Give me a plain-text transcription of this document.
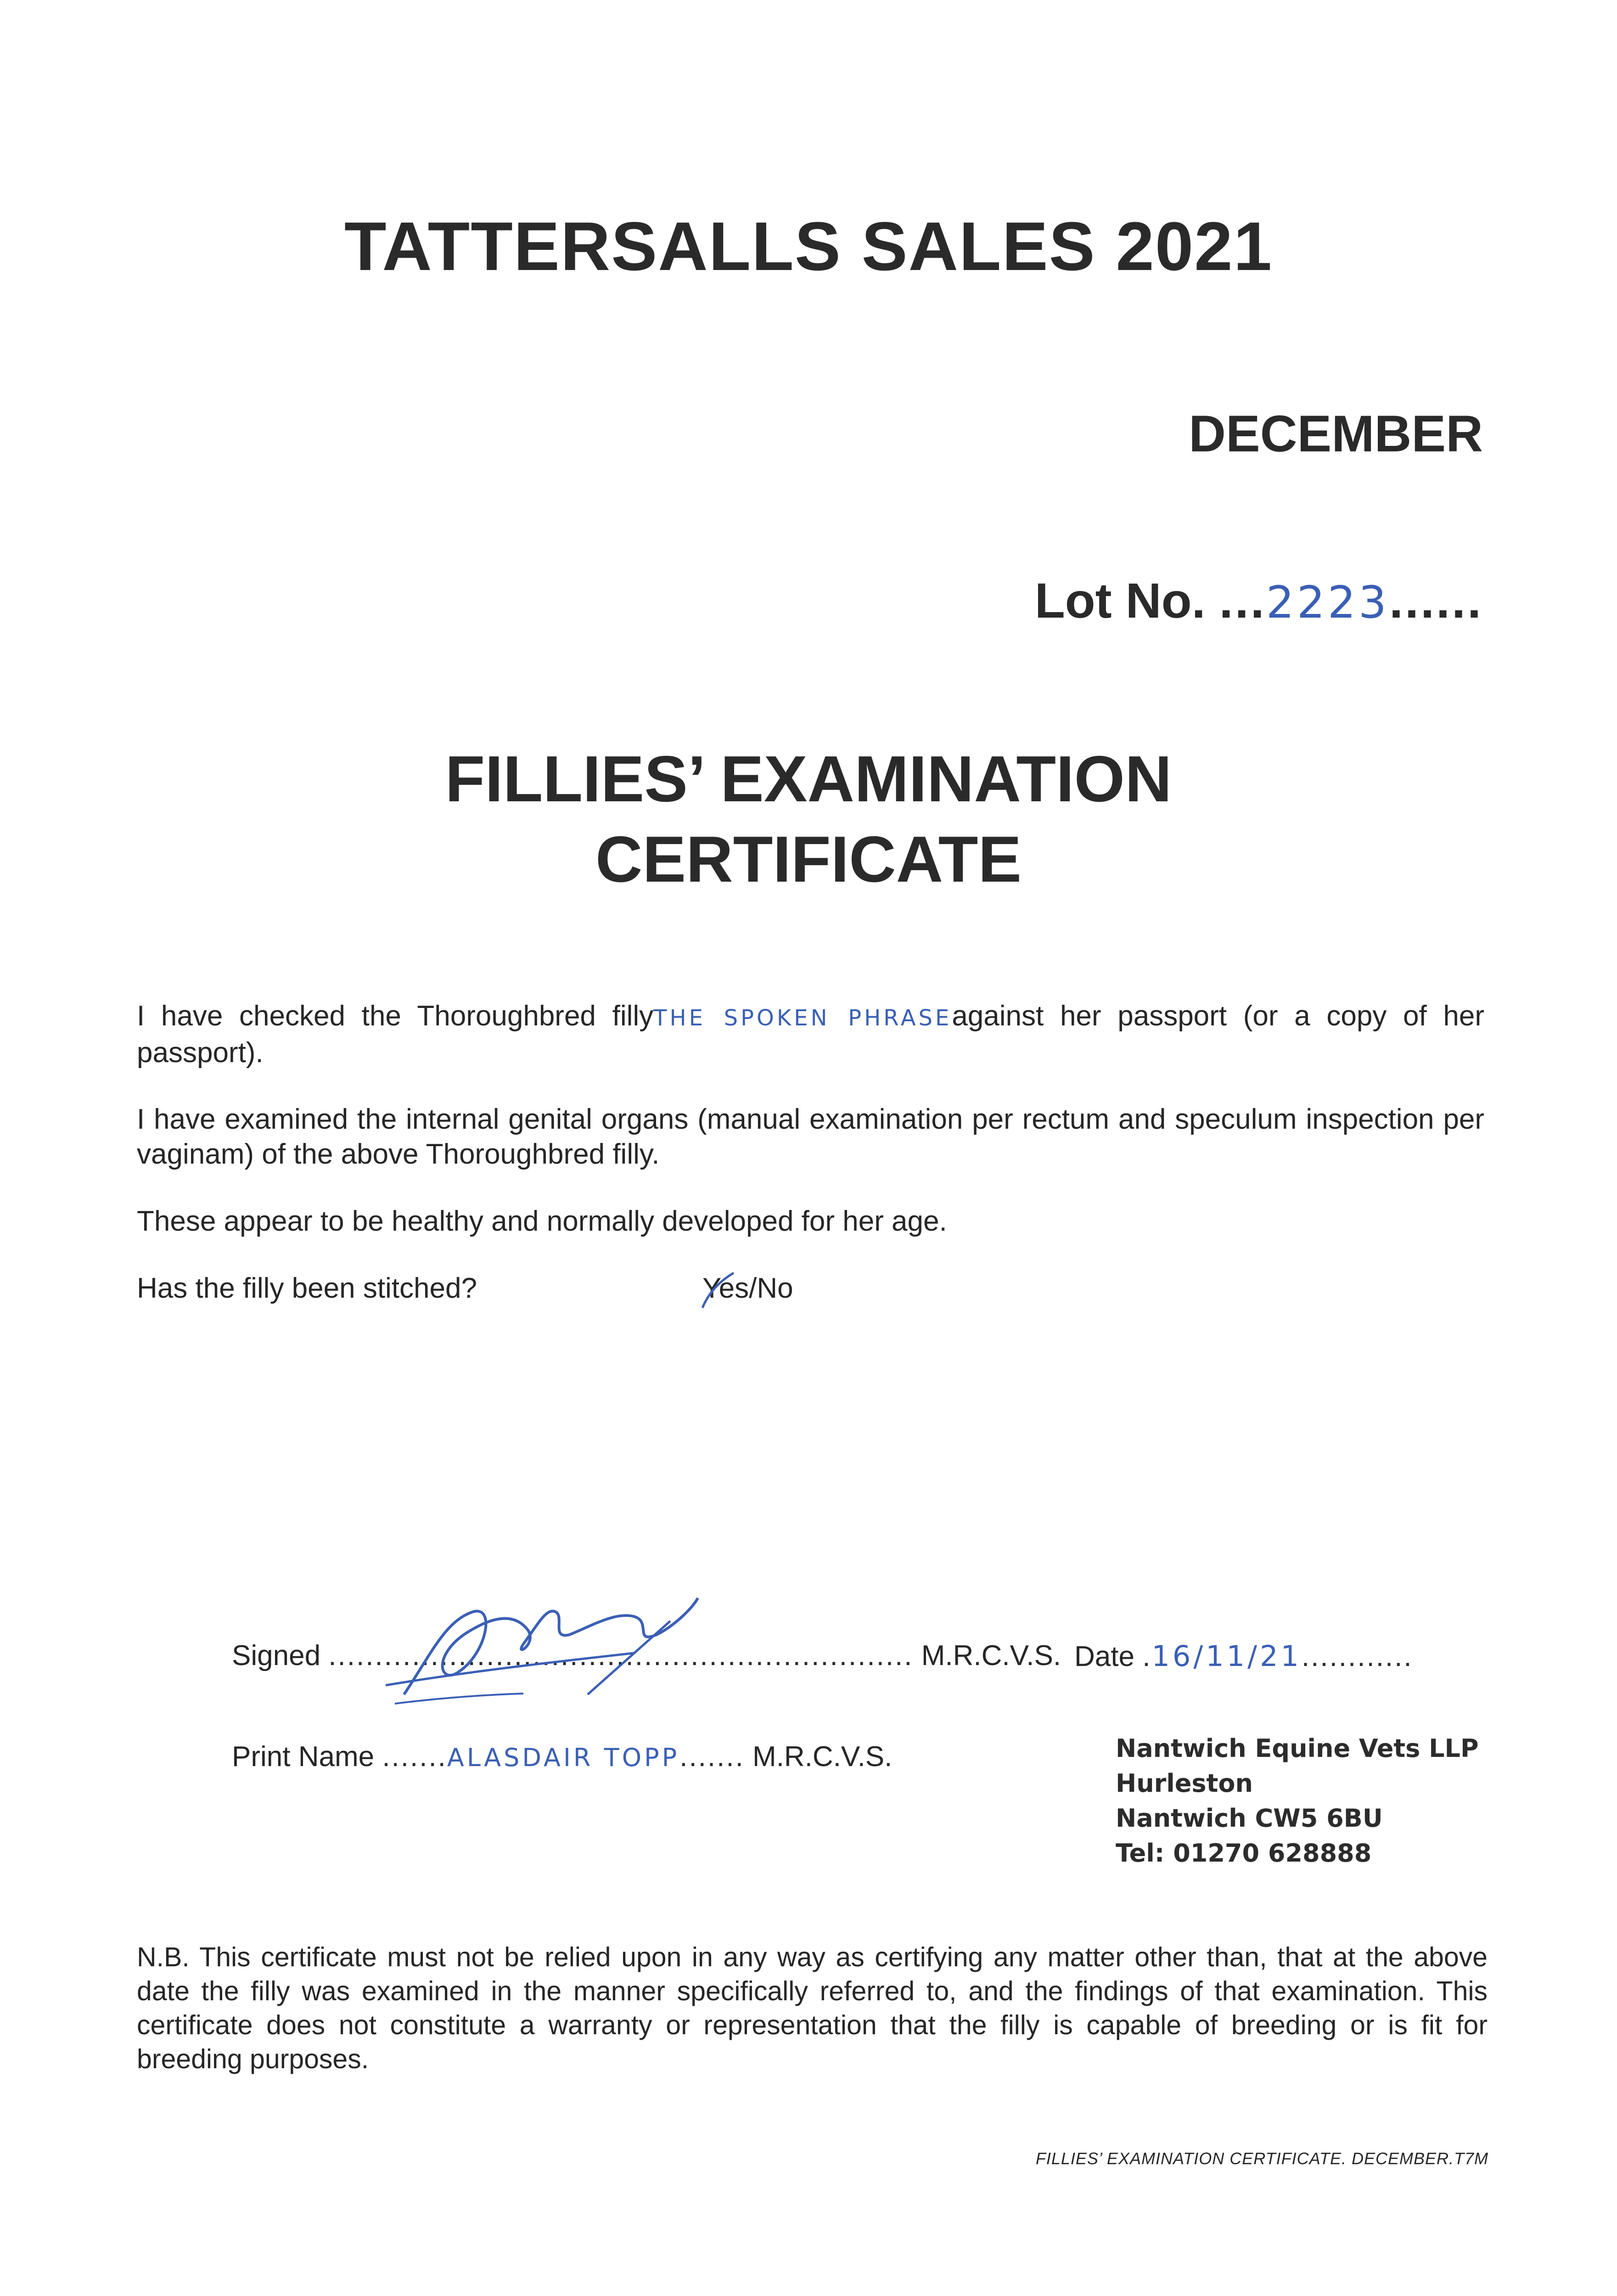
TATTERSALLS SALES 2021
DECEMBER
Lot No. ...2223......
FILLIES’ EXAMINATION
CERTIFICATE
I have checked the Thoroughbred fillyTHE SPOKEN PHRASEagainst her passport (or a copy of her passport).
I have examined the internal genital organs (manual examination per rectum and speculum inspection per vaginam) of the above Thoroughbred filly.
These appear to be healthy and normally developed for her age.
Has the filly been stitched?	Yes/No
Signed ............................................................... M.R.C.V.S. Date .16/11/21............
Print Name .......ALASDAIR TOPP....... M.R.C.V.S.	Nantwich Equine Vets LLP
Hurleston
Nantwich CW5 6BU
Tel: 01270 628888
N.B. This certificate must not be relied upon in any way as certifying any matter other than, that at the above date the filly was examined in the manner specifically referred to, and the findings of that examination. This certificate does not constitute a warranty or representation that the filly is capable of breeding or is fit for breeding purposes.
FILLIES’ EXAMINATION CERTIFICATE. DECEMBER.T7M
